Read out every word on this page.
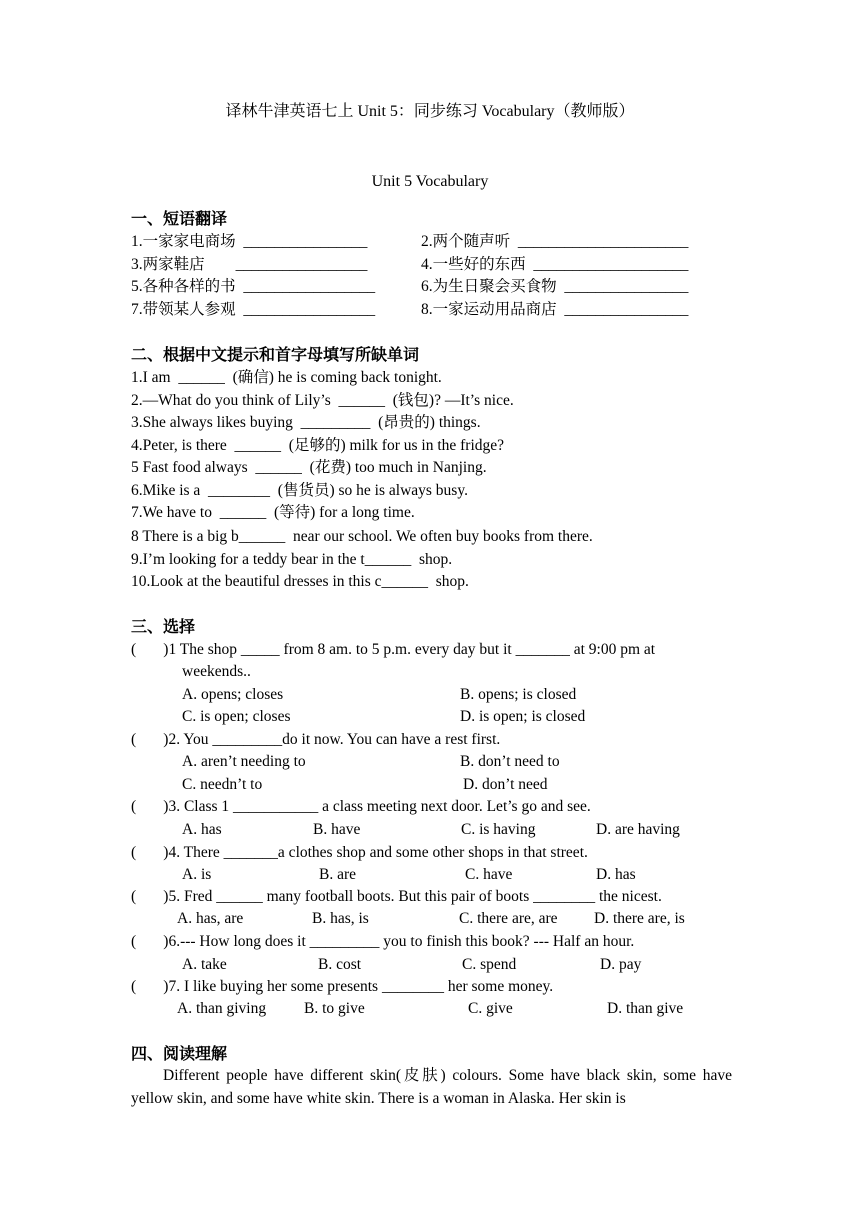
译林牛津英语七上 Unit 5：同步练习 Vocabulary（教师版）
Unit 5 Vocabulary
一、短语翻译
1.一家家电商场  ________________	2.两个随声听  ______________________
3.两家鞋店        _________________	4.一些好的东西  ____________________
5.各种各样的书  _________________	6.为生日聚会买食物  ________________
7.带领某人参观  _________________	8.一家运动用品商店  ________________
二、根据中文提示和首字母填写所缺单词
1.I am  ______  (确信) he is coming back tonight.
2.—What do you think of Lily’s  ______  (钱包)? —It’s nice.
3.She always likes buying  _________  (昂贵的) things.
4.Peter, is there  ______  (足够的) milk for us in the fridge?
5 Fast food always  ______  (花费) too much in Nanjing.
6.Mike is a  ________  (售货员) so he is always busy.
7.We have to  ______  (等待) for a long time.
8 There is a big b______  near our school. We often buy books from there.
9.I’m looking for a teddy bear in the t______  shop.
10.Look at the beautiful dresses in this c______  shop.
三、选择
(       )1 The shop _____ from 8 am. to 5 p.m. every day but it _______ at 9:00 pm at
weekends..
A. opens; closes	B. opens; is closed
C. is open; closes	D. is open; is closed
(       )2. You _________do it now. You can have a rest first.
A. aren’t needing to	B. don’t need to
C. needn’t to	D. don’t need
(       )3. Class 1 ___________ a class meeting next door. Let’s go and see.
A. has	B. have	C. is having	D. are having
(       )4. There _______a clothes shop and some other shops in that street.
A. is	B. are	C. have	D. has
(       )5. Fred ______ many football boots. But this pair of boots ________ the nicest.
A. has, are	B. has, is	C. there are, are D. there are, is
(       )6.--- How long does it _________ you to finish this book? --- Half an hour.
A. take	B. cost	C. spend	D. pay
(       )7. I like buying her some presents ________ her some money.
A. than giving B. to give	C. give	D. than give
四、阅读理解
Different people have different skin(皮肤) colours. Some have black skin, some have yellow skin, and some have white skin. There is a woman in Alaska. Her skin is
